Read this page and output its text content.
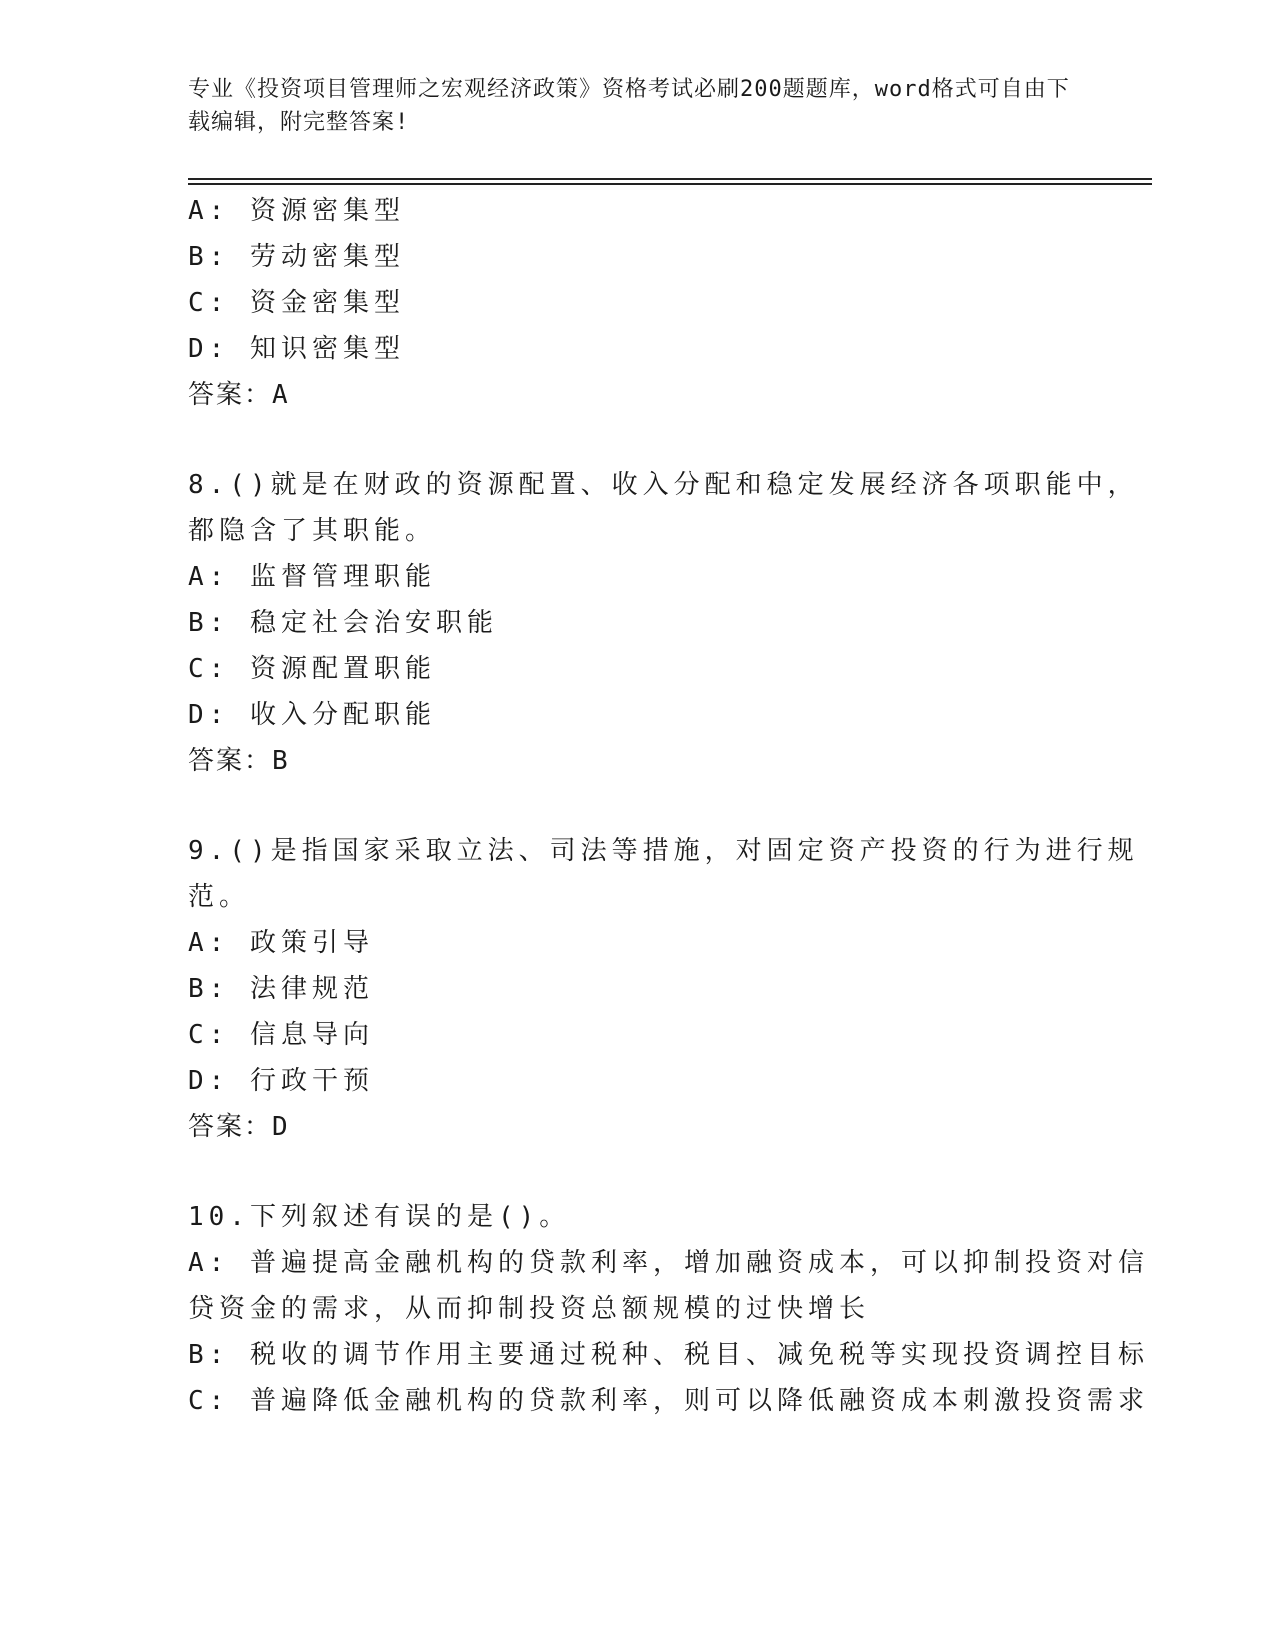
专业《投资项目管理师之宏观经济政策》资格考试必刷200题题库，word格式可自由下载编辑，附完整答案!
A: 资源密集型
B: 劳动密集型
C: 资金密集型
D: 知识密集型
答案：A
8.()就是在财政的资源配置、收入分配和稳定发展经济各项职能中，
都隐含了其职能。
A: 监督管理职能
B: 稳定社会治安职能
C: 资源配置职能
D: 收入分配职能
答案：B
9.()是指国家采取立法、司法等措施，对固定资产投资的行为进行规
范。
A: 政策引导
B: 法律规范
C: 信息导向
D: 行政干预
答案：D
10.下列叙述有误的是()。
A: 普遍提高金融机构的贷款利率，增加融资成本，可以抑制投资对信
贷资金的需求，从而抑制投资总额规模的过快增长
B: 税收的调节作用主要通过税种、税目、减免税等实现投资调控目标
C: 普遍降低金融机构的贷款利率，则可以降低融资成本刺激投资需求
